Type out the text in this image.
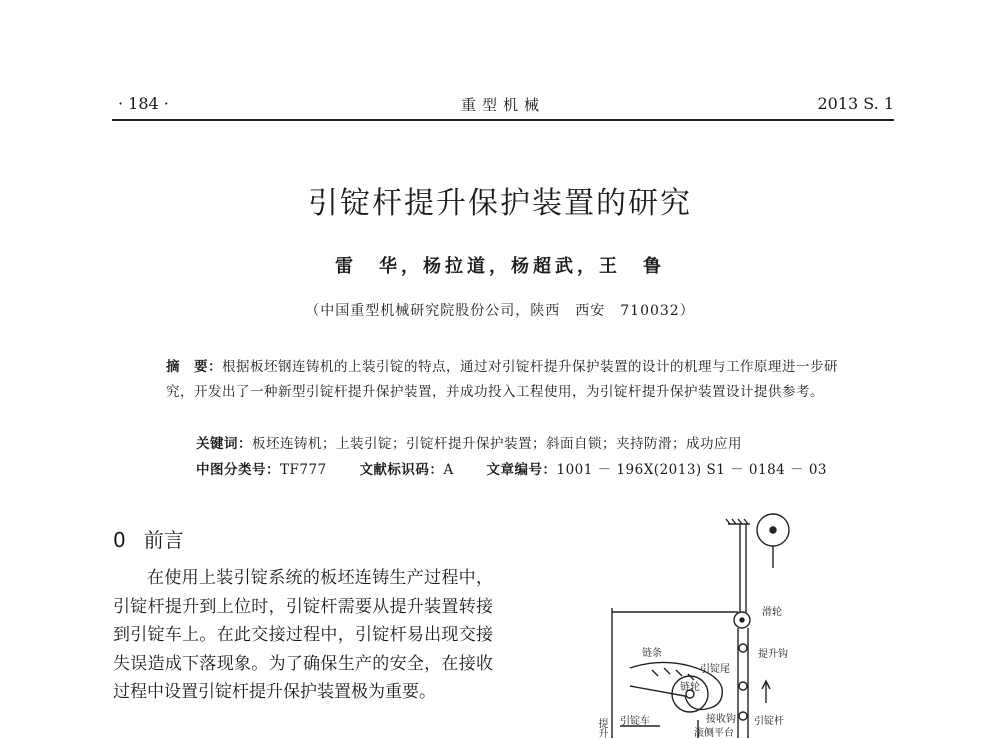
· 184 ·	重型机械	2013 S. 1
引锭杆提升保护装置的研究
雷　华，杨拉道，杨超武，王　鲁
（中国重型机械研究院股份公司，陕西　西安　710032）
摘　要：根据板坯钢连铸机的上装引锭的特点，通过对引锭杆提升保护装置的设计的机理与工作原理进一步研究，开发出了一种新型引锭杆提升保护装置，并成功投入工程使用，为引锭杆提升保护装置设计提供参考。
关键词：板坯连铸机；上装引锭；引锭杆提升保护装置；斜面自锁；夹持防滑；成功应用
中图分类号：TF777 文献标识码：A 文章编号：1001 － 196X(2013) S1 － 0184 － 03
0 前言
在使用上装引锭系统的板坯连铸生产过程中，引锭杆提升到上位时，引锭杆需要从提升装置转接到引锭车上。在此交接过程中，引锭杆易出现交接失误造成下落现象。为了确保生产的安全，在接收过程中设置引锭杆提升保护装置极为重要。
滑轮
提升钩
链条
引锭尾
链轮
引锭车	接收钩
滚侧平台
引锭杆
提升
